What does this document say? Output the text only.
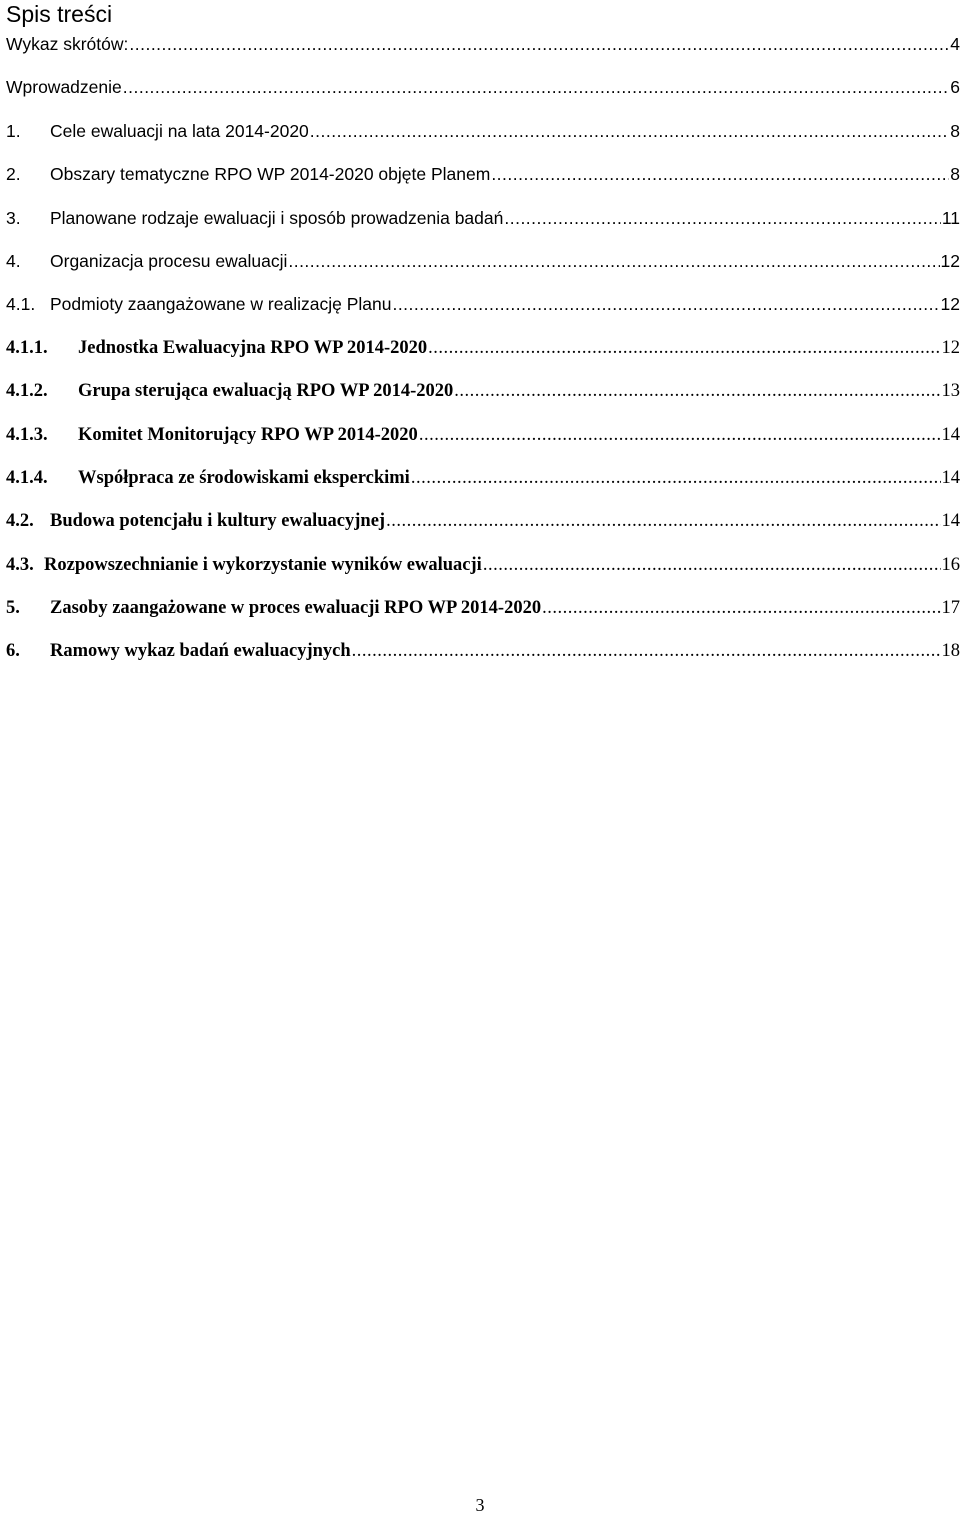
Spis treści
Wykaz skrótów: .....	4
Wprowadzenie .....	6
1.	Cele ewaluacji na lata 2014-2020 .....	8
2.	Obszary tematyczne RPO WP 2014-2020 objęte Planem .....	8
3.	Planowane rodzaje ewaluacji i sposób prowadzenia badań .....	11
4.	Organizacja procesu ewaluacji .....	12
4.1. Podmioty zaangażowane w realizację Planu .....	12
4.1.1.	Jednostka Ewaluacyjna RPO WP 2014-2020 .....	12
4.1.2.	Grupa sterująca ewaluacją RPO WP 2014-2020 .....	13
4.1.3.	Komitet Monitorujący RPO WP 2014-2020 .....	14
4.1.4.	Współpraca ze środowiskami eksperckimi .....	14
4.2. Budowa potencjału i kultury ewaluacyjnej .....	14
4.3. Rozpowszechnianie i wykorzystanie wyników ewaluacji .....	16
5.	Zasoby zaangażowane w proces ewaluacji RPO WP 2014-2020 .....	17
6.	Ramowy wykaz badań ewaluacyjnych .....	18
3
